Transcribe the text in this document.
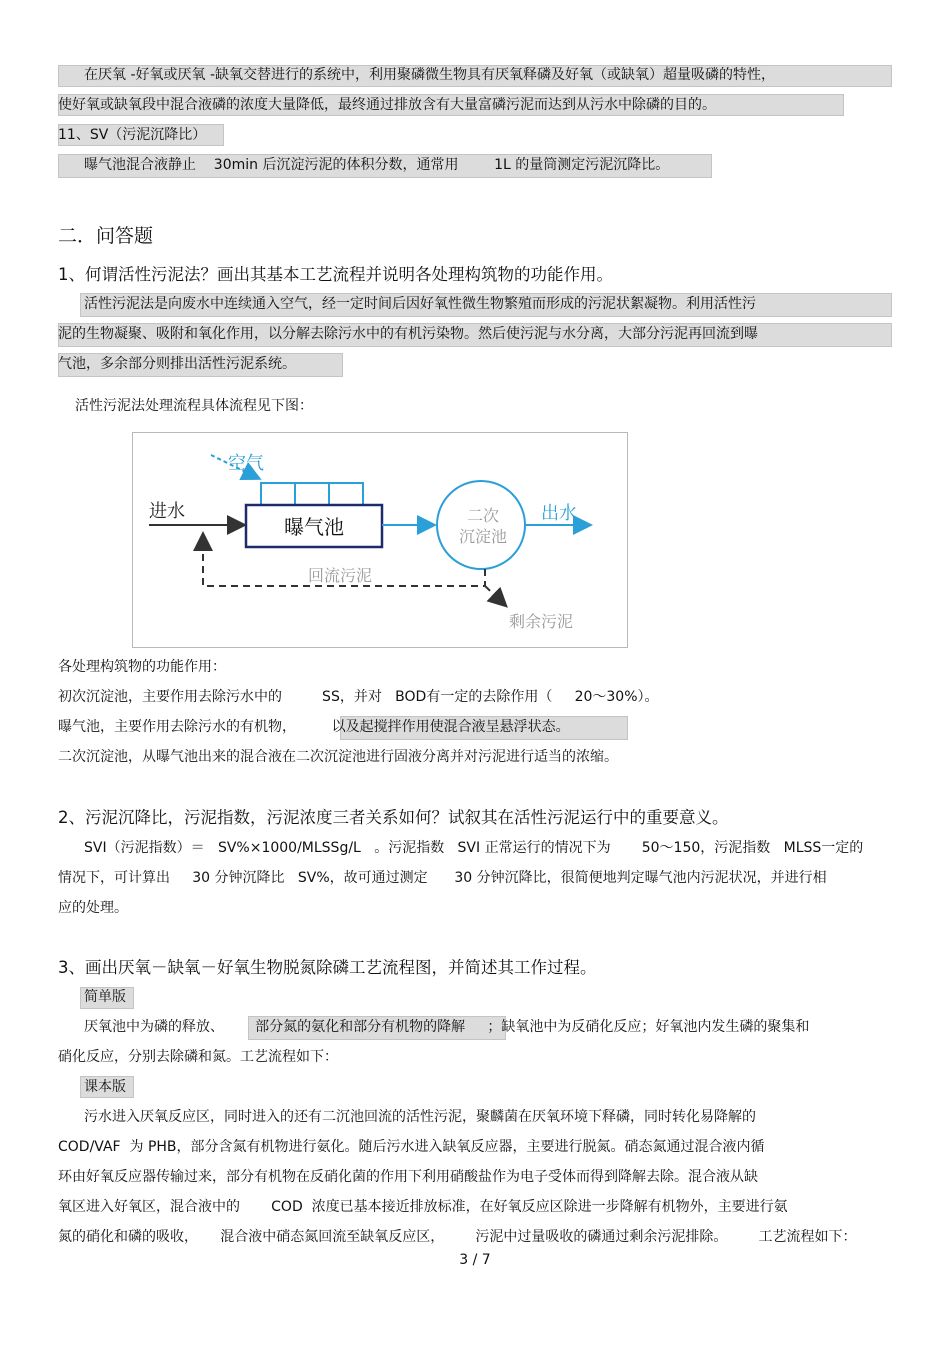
在厌氧 -好氧或厌氧 -缺氧交替进行的系统中，利用聚磷微生物具有厌氧释磷及好氧（或缺氧）超量吸磷的特性，
使好氧或缺氧段中混合液磷的浓度大量降低，最终通过排放含有大量富磷污泥而达到从污水中除磷的目的。
11、SV（污泥沉降比）
曝气池混合液静止    30min 后沉淀污泥的体积分数，通常用        1L 的量筒测定污泥沉降比。
二．问答题
1、何谓活性污泥法？画出其基本工艺流程并说明各处理构筑物的功能作用。
活性污泥法是向废水中连续通入空气，经一定时间后因好氧性微生物繁殖而形成的污泥状絮凝物。利用活性污
泥的生物凝聚、吸附和氧化作用，以分解去除污水中的有机污染物。然后使污泥与水分离，大部分污泥再回流到曝
气池，多余部分则排出活性污泥系统。
活性污泥法处理流程具体流程见下图：
空气
进水
曝气池	二次
沉淀池
出水
回流污泥
剩余污泥
各处理构筑物的功能作用：
初次沉淀池，主要作用去除污水中的         SS，并对   BOD有一定的去除作用（     20～30%）。
曝气池，主要作用去除污水的有机物，        以及起搅拌作用使混合液呈悬浮状态。
二次沉淀池，从曝气池出来的混合液在二次沉淀池进行固液分离并对污泥进行适当的浓缩。
2、污泥沉降比，污泥指数，污泥浓度三者关系如何？试叙其在活性污泥运行中的重要意义。
SVI（污泥指数）＝   SV%×1000/MLSSg/L   。污泥指数   SVI 正常运行的情况下为       50～150，污泥指数   MLSS一定的
情况下，可计算出     30 分钟沉降比   SV%，故可通过测定      30 分钟沉降比，很简便地判定曝气池内污泥状况，并进行相
应的处理。
3、画出厌氧－缺氧－好氧生物脱氮除磷工艺流程图，并简述其工作过程。
简单版
厌氧池中为磷的释放、       部分氮的氨化和部分有机物的降解     ；缺氧池中为反硝化反应；好氧池内发生磷的聚集和
硝化反应，分别去除磷和氮。工艺流程如下：
课本版
污水进入厌氧反应区，同时进入的还有二沉池回流的活性污泥，聚麟菌在厌氧环境下释磷，同时转化易降解的
COD/VAF  为 PHB，部分含氮有机物进行氨化。随后污水进入缺氧反应器，主要进行脱氮。硝态氮通过混合液内循
环由好氧反应器传输过来，部分有机物在反硝化菌的作用下利用硝酸盐作为电子受体而得到降解去除。混合液从缺
氧区进入好氧区，混合液中的       COD  浓度已基本接近排放标准，在好氧反应区除进一步降解有机物外，主要进行氨
氮的硝化和磷的吸收，     混合液中硝态氮回流至缺氧反应区，       污泥中过量吸收的磷通过剩余污泥排除。       工艺流程如下：
3 / 7
